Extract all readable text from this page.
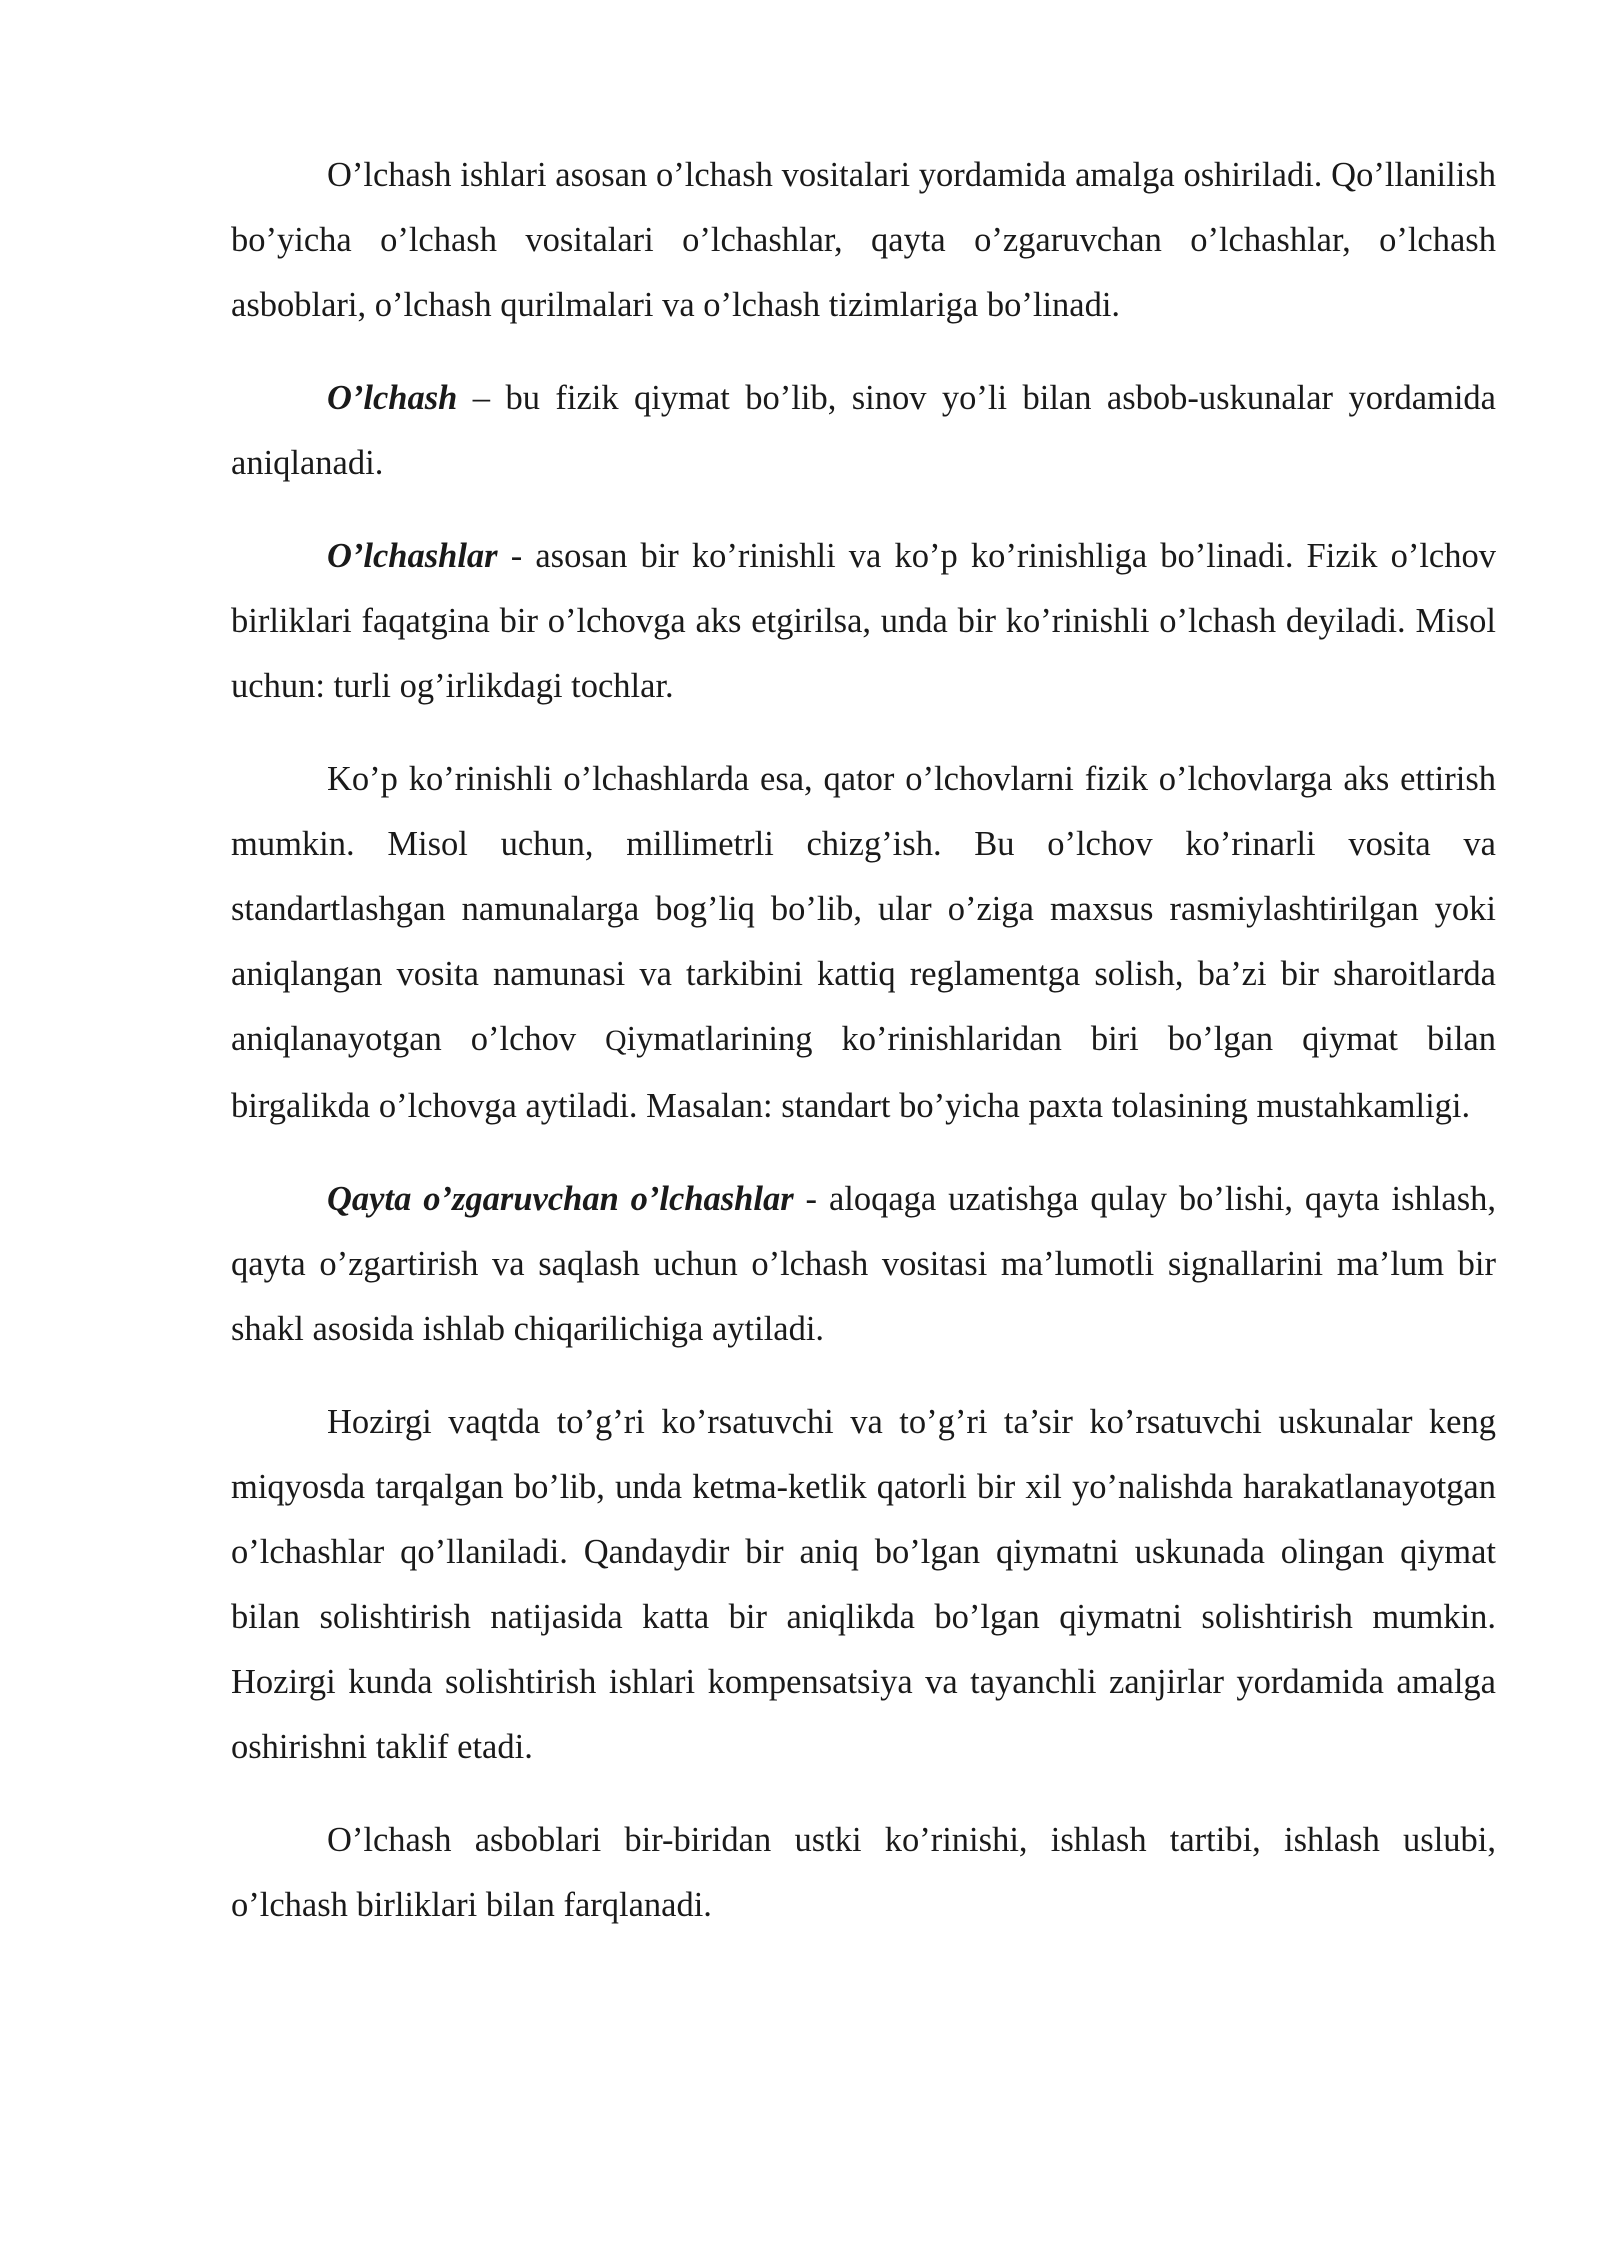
O’lchash ishlari asosan o’lchash vositalari yordamida amalga oshiriladi. Qo’llanilish bo’yicha o’lchash vositalari o’lchashlar, qayta o’zgaruvchan o’lchashlar, o’lchash asboblari, o’lchash qurilmalari va o’lchash tizimlariga bo’linadi.

O’lchash – bu fizik qiymat bo’lib, sinov yo’li bilan asbob-uskunalar yordamida aniqlanadi.

O’lchashlar - asosan bir ko’rinishli va ko’p ko’rinishliga bo’linadi. Fizik o’lchov birliklari faqatgina bir o’lchovga aks etgirilsa, unda bir ko’rinishli o’lchash deyiladi. Misol uchun: turli og’irlikdagi tochlar.

Ko’p ko’rinishli o’lchashlarda esa, qator o’lchovlarni fizik o’lchovlarga aks ettirish mumkin. Misol uchun, millimetrli chizg’ish. Bu o’lchov ko’rinarli vosita va standartlashgan namunalarga bog’liq bo’lib, ular o’ziga maxsus rasmiylashtirilgan yoki aniqlangan vosita namunasi va tarkibini kattiq reglamentga solish, ba’zi bir sharoitlarda aniqlanayotgan o’lchov Qiymatlarining ko’rinishlaridan biri bo’lgan qiymat bilan birgalikda o’lchovga aytiladi. Masalan: standart bo’yicha paxta tolasining mustahkamligi.

Qayta o’zgaruvchan o’lchashlar - aloqaga uzatishga qulay bo’lishi, qayta ishlash, qayta o’zgartirish va saqlash uchun o’lchash vositasi ma’lumotli signallarini ma’lum bir shakl asosida ishlab chiqarilichiga aytiladi.

Hozirgi vaqtda to’g’ri ko’rsatuvchi va to’g’ri ta’sir ko’rsatuvchi uskunalar keng miqyosda tarqalgan bo’lib, unda ketma-ketlik qatorli bir xil yo’nalishda harakatlanayotgan o’lchashlar qo’llaniladi. Qandaydir bir aniq bo’lgan qiymatni uskunada olingan qiymat bilan solishtirish natijasida katta bir aniqlikda bo’lgan qiymatni solishtirish mumkin. Hozirgi kunda solishtirish ishlari kompensatsiya va tayanchli zanjirlar yordamida amalga oshirishni taklif etadi.

O’lchash asboblari bir-biridan ustki ko’rinishi, ishlash tartibi, ishlash uslubi, o’lchash birliklari bilan farqlanadi.
